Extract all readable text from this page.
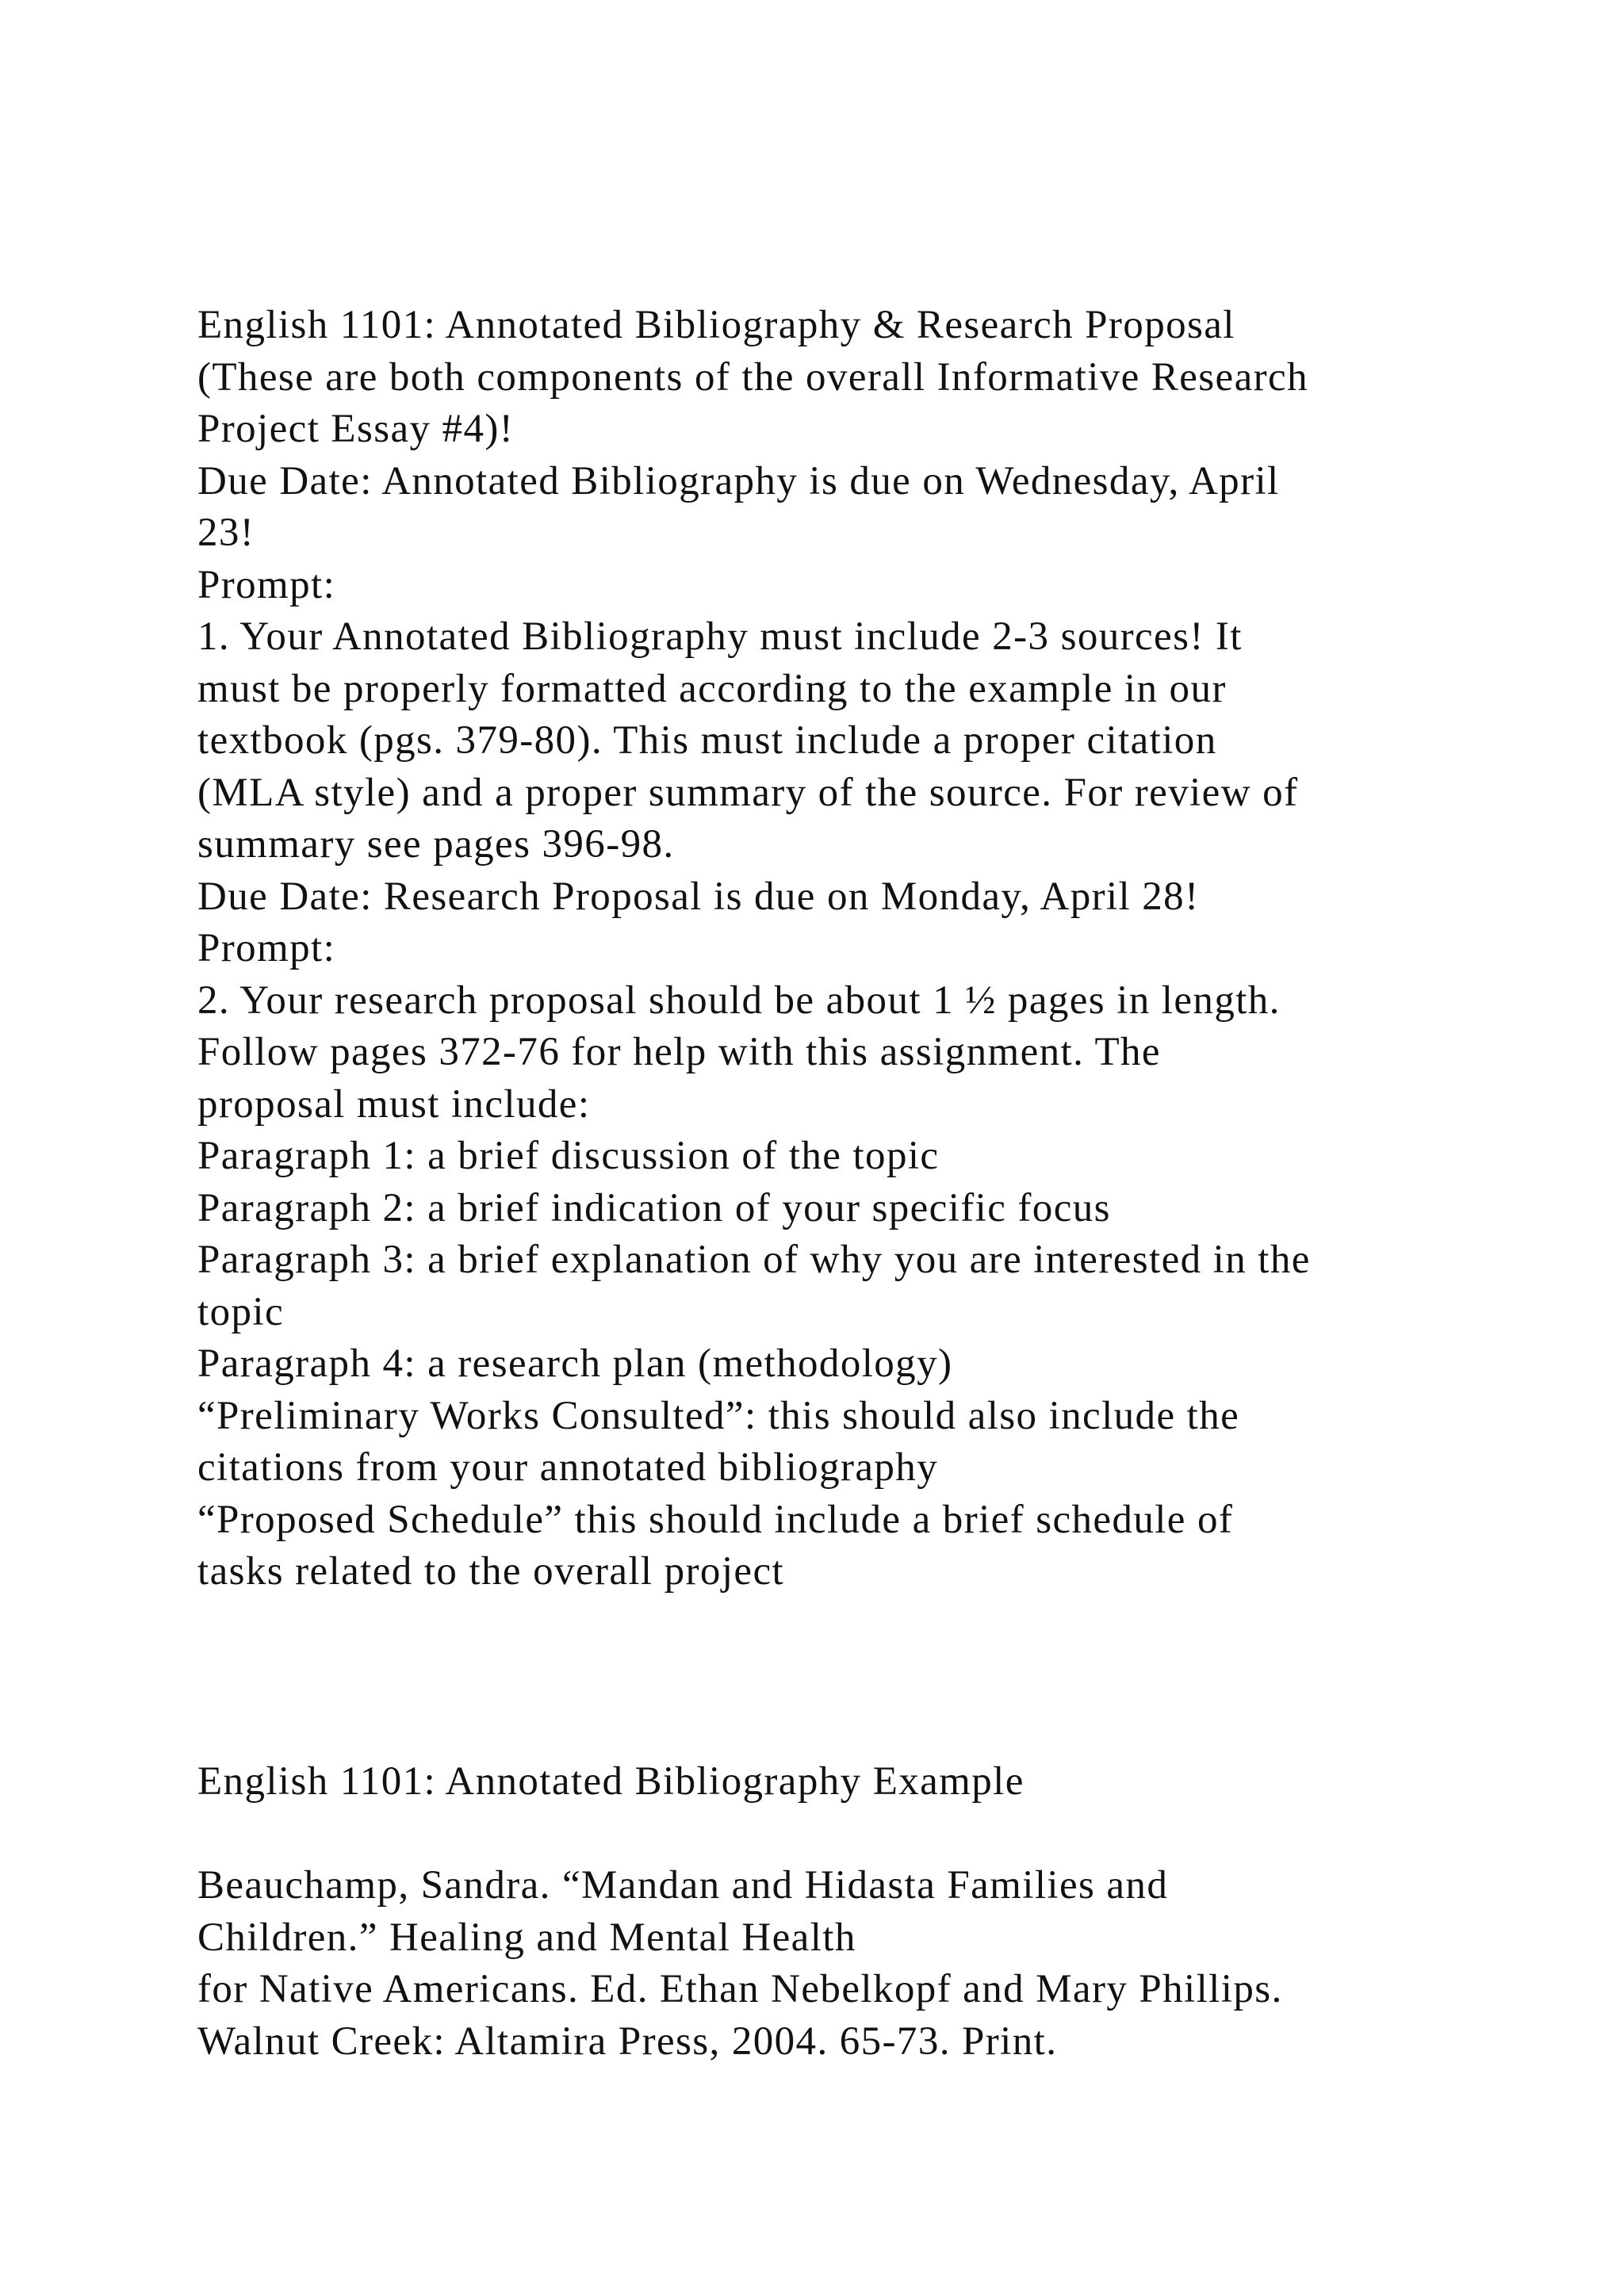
English 1101: Annotated Bibliography & Research Proposal
(These are both components of the overall Informative Research
Project Essay #4)!
Due Date: Annotated Bibliography is due on Wednesday, April
23!
Prompt:
1. Your Annotated Bibliography must include 2-3 sources! It
must be properly formatted according to the example in our
textbook (pgs. 379-80). This must include a proper citation
(MLA style) and a proper summary of the source. For review of
summary see pages 396-98.
Due Date: Research Proposal is due on Monday, April 28!
Prompt:
2. Your research proposal should be about 1 ½ pages in length.
Follow pages 372-76 for help with this assignment. The
proposal must include:
Paragraph 1: a brief discussion of the topic
Paragraph 2: a brief indication of your specific focus
Paragraph 3: a brief explanation of why you are interested in the
topic
Paragraph 4: a research plan (methodology)
“Preliminary Works Consulted”: this should also include the
citations from your annotated bibliography
“Proposed Schedule” this should include a brief schedule of
tasks related to the overall project
English 1101: Annotated Bibliography Example
Beauchamp, Sandra. “Mandan and Hidasta Families and
Children.” Healing and Mental Health
for Native Americans. Ed. Ethan Nebelkopf and Mary Phillips.
Walnut Creek: Altamira Press, 2004. 65-73. Print.
